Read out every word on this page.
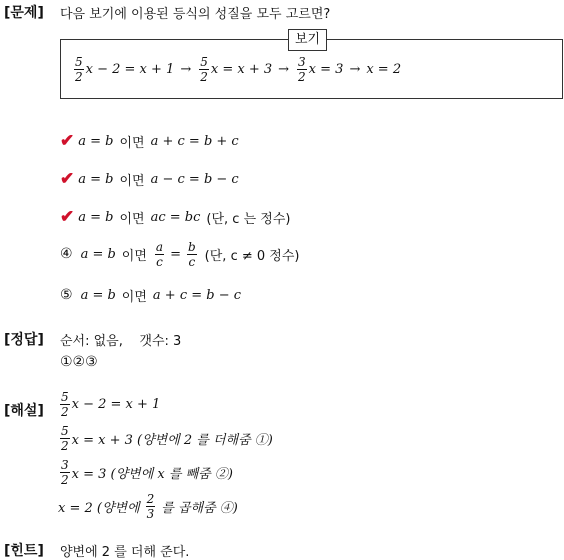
[문제] 다음 보기에 이용된 등식의 성질을 모두 고르면?
보기
$\frac{5}{2}$ $x - 2 = x + 1 \to \frac{5}{2}$ $x = x + 3 \to \frac{3}{2}$ x = 3 → x = 2
✔ a = b 이면 a + c = b + c
✔ a = b 이면 a − c = b − c
✔ a = b 이면 ac = bc (단, c 는 정수)
④ a = b 이면 $\frac{a}{c} = \frac{b}{c}$ (단, c ≠ 0 정수)
⑤ a = b 이면 a + c = b − c
[정답] 순서: 없음,    갯수: 3
①②③
[해설] $\frac{5}{2}$ x − 2 = x + 1
$\frac{5}{2}$ x = x + 3 (양변에 2 를 더해줌 ①)
$\frac{3}{2}$ x = 3 (양변에 x 를 빼줌 ②)
x = 2 (양변에 $\frac{2}{3}$ 를 곱해줌 ④)
[힌트] 양변에 2 를 더해 준다.
